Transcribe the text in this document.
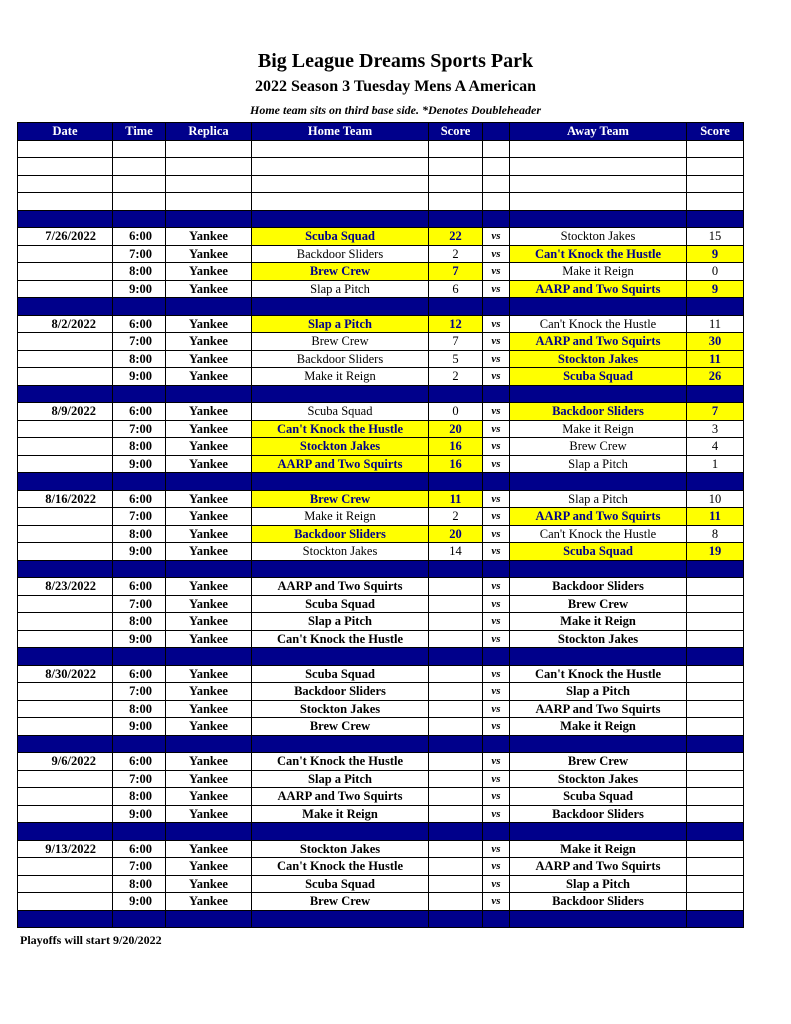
Big League Dreams Sports Park
2022 Season 3 Tuesday Mens A American
Home team sits on third base side. *Denotes Doubleheader
Date	Time	Replica	Home Team	Score		Away Team	Score

7/26/2022	6:00	Yankee	Scuba Squad	22	vs	Stockton Jakes	15
	7:00	Yankee	Backdoor Sliders	2	vs	Can't Knock the Hustle	9
	8:00	Yankee	Brew Crew	7	vs	Make it Reign	0
	9:00	Yankee	Slap a Pitch	6	vs	AARP and Two Squirts	9

8/2/2022	6:00	Yankee	Slap a Pitch	12	vs	Can't Knock the Hustle	11
	7:00	Yankee	Brew Crew	7	vs	AARP and Two Squirts	30
	8:00	Yankee	Backdoor Sliders	5	vs	Stockton Jakes	11
	9:00	Yankee	Make it Reign	2	vs	Scuba Squad	26

8/9/2022	6:00	Yankee	Scuba Squad	0	vs	Backdoor Sliders	7
	7:00	Yankee	Can't Knock the Hustle	20	vs	Make it Reign	3
	8:00	Yankee	Stockton Jakes	16	vs	Brew Crew	4
	9:00	Yankee	AARP and Two Squirts	16	vs	Slap a Pitch	1

8/16/2022	6:00	Yankee	Brew Crew	11	vs	Slap a Pitch	10
	7:00	Yankee	Make it Reign	2	vs	AARP and Two Squirts	11
	8:00	Yankee	Backdoor Sliders	20	vs	Can't Knock the Hustle	8
	9:00	Yankee	Stockton Jakes	14	vs	Scuba Squad	19

8/23/2022	6:00	Yankee	AARP and Two Squirts		vs	Backdoor Sliders	
	7:00	Yankee	Scuba Squad		vs	Brew Crew	
	8:00	Yankee	Slap a Pitch		vs	Make it Reign	
	9:00	Yankee	Can't Knock the Hustle		vs	Stockton Jakes	

8/30/2022	6:00	Yankee	Scuba Squad		vs	Can't Knock the Hustle	
	7:00	Yankee	Backdoor Sliders		vs	Slap a Pitch	
	8:00	Yankee	Stockton Jakes		vs	AARP and Two Squirts	
	9:00	Yankee	Brew Crew		vs	Make it Reign	

9/6/2022	6:00	Yankee	Can't Knock the Hustle		vs	Brew Crew	
	7:00	Yankee	Slap a Pitch		vs	Stockton Jakes	
	8:00	Yankee	AARP and Two Squirts		vs	Scuba Squad	
	9:00	Yankee	Make it Reign		vs	Backdoor Sliders	

9/13/2022	6:00	Yankee	Stockton Jakes		vs	Make it Reign	
	7:00	Yankee	Can't Knock the Hustle		vs	AARP and Two Squirts	
	8:00	Yankee	Scuba Squad		vs	Slap a Pitch	
	9:00	Yankee	Brew Crew		vs	Backdoor Sliders	

Playoffs will start 9/20/2022
